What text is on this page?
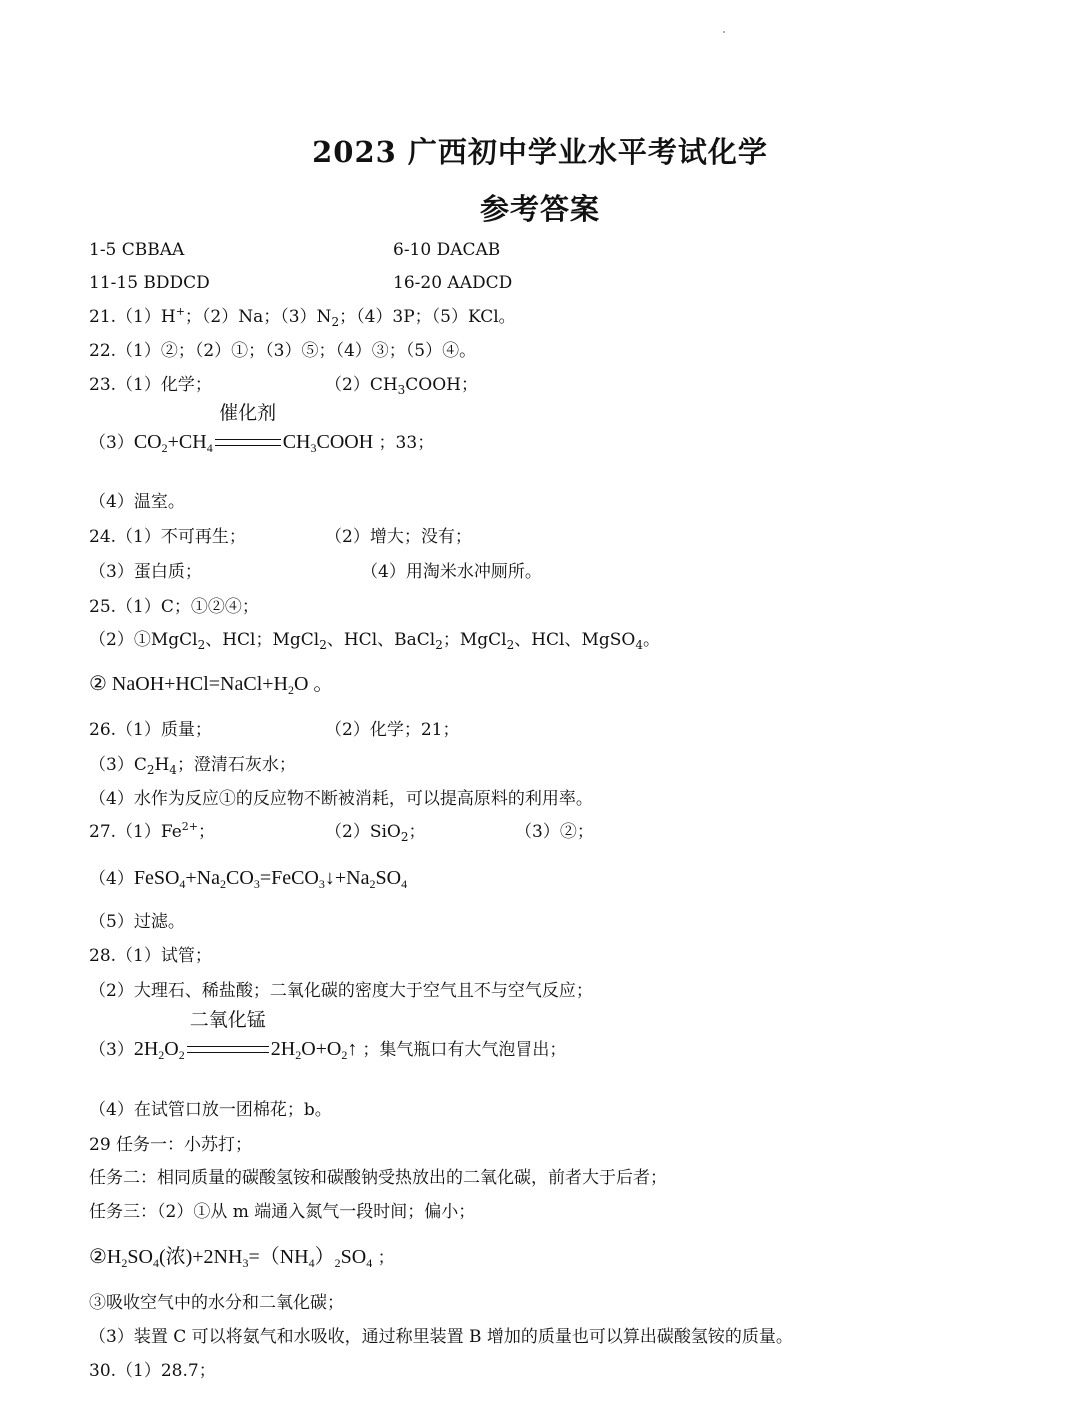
2023 广西初中学业水平考试化学
参考答案
1-5 CBBAA	6-10 DACAB
11-15 BDDCD	16-20 AADCD
21.（1）H+；（2）Na；$(3)N_2$；（4）3P；（5）KCl。
22.（1）②；（2）①；（3）⑤；（4）③；（5）④。
23.（1）化学；	$(2)CH_3COOH$；
$(3)CO_2+CH_4$
催化剂
$CH_3COOH$ ；33；
（4）温室。
24.（1）不可再生；	（2）增大；没有；
（3）蛋白质；	（4）用淘米水冲厕所。
25.（1）C；①②④；
（2）①MgCl$_2$、HCl；MgCl$_2$、HCl、BaCl$_2$；MgCl$_2$、HCl、MgSO$_4$。
② $NaOH+HCl=NaCl+H_2O$ 。
26.（1）质量；	（2）化学；21；
$(3)C_2H_4$；澄清石灰水；
（4）水作为反应①的反应物不断被消耗，可以提高原料的利用率。
$27.(1)Fe^{2+}$；	（2）SiO$_2$；	（3）②；
$(4)FeSO_4+Na_2CO_3=FeCO_3↓+Na_2SO_4$
（5）过滤。
28.（1）试管；
（2）大理石、稀盐酸；二氧化碳的密度大于空气且不与空气反应；
$(3)2H_2O_2$
二氧化锰
$2H_2O+O_2↑$ ；集气瓶口有大气泡冒出；
（4）在试管口放一团棉花；b。
29 任务一：小苏打；
任务二：相同质量的碳酸氢铵和碳酸钠受热放出的二氧化碳，前者大于后者；
任务三：（2）①从 m 端通入氮气一段时间；偏小；
$②H_2SO_4$(浓)$+2NH_3=(NH_4)_2SO_4$ ；
③吸收空气中的水分和二氧化碳；
（3）装置 C 可以将氨气和水吸收，通过称里装置 B 增加的质量也可以算出碳酸氢铵的质量。
30.（1）28.7；
